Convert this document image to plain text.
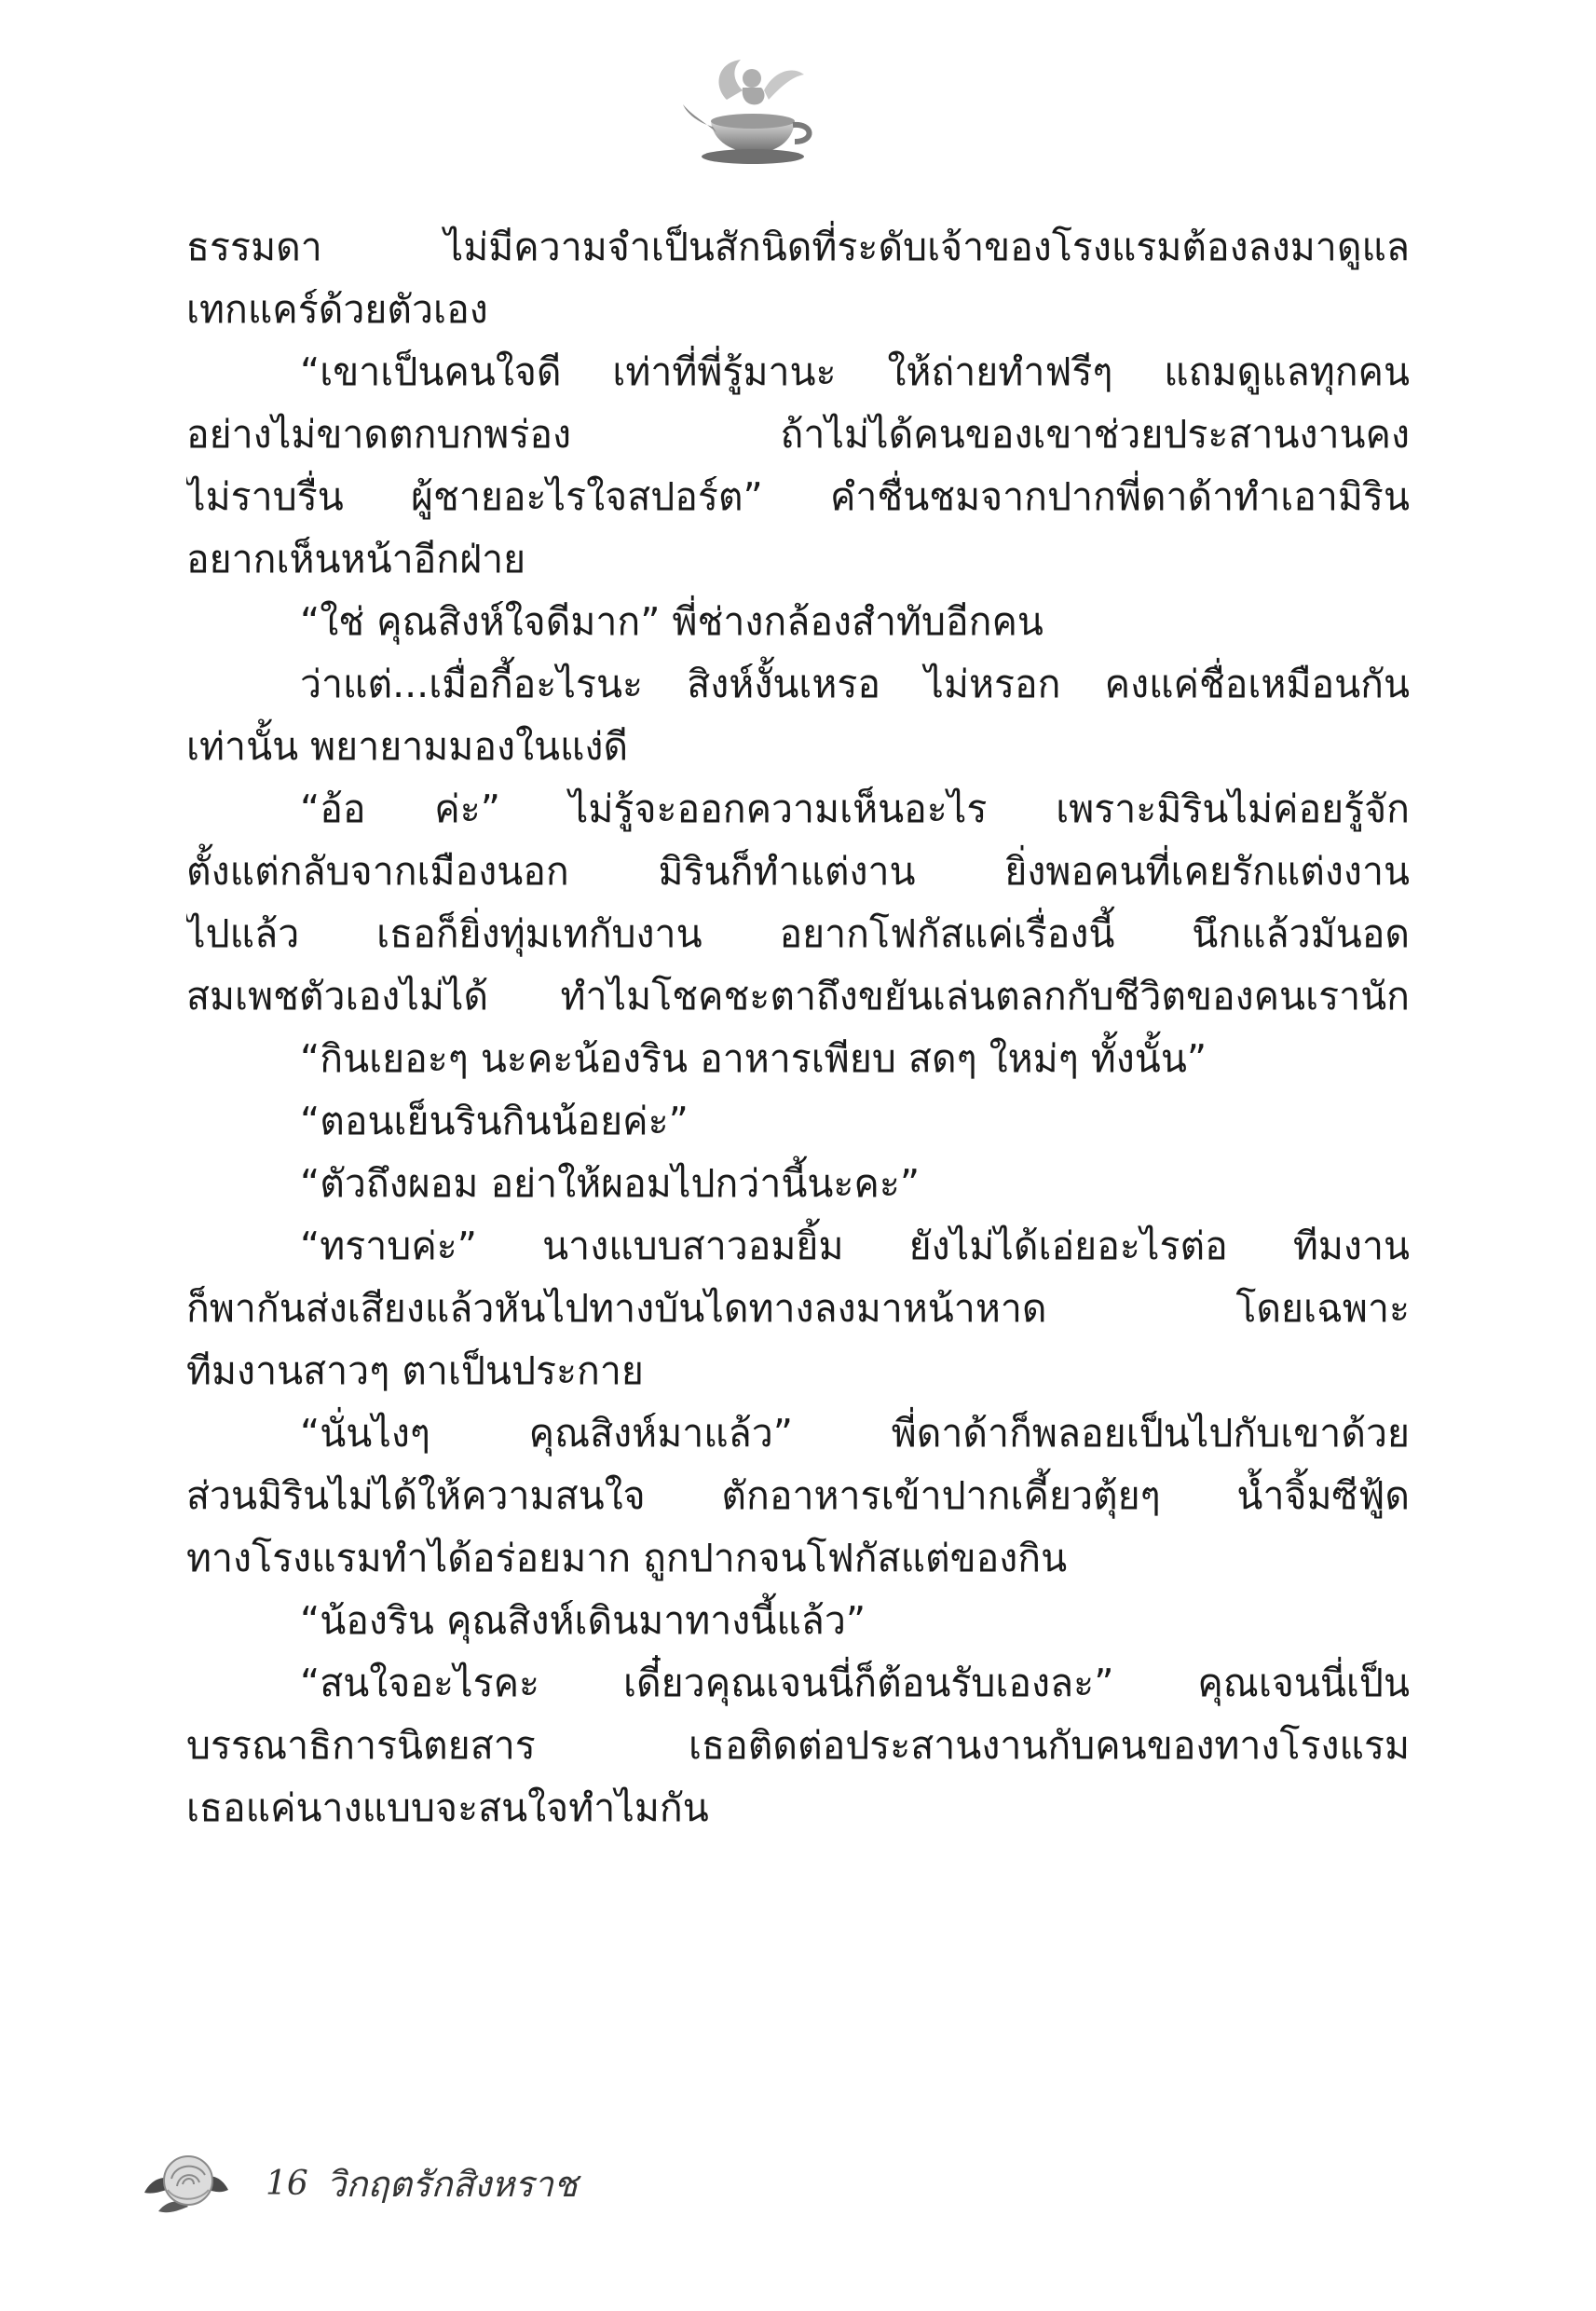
ธรรมดา ไม่มีความจำเป็นสักนิดที่ระดับเจ้าของโรงแรมต้องลงมาดูแล
เทกแคร์ด้วยตัวเอง
“เขาเป็นคนใจดี เท่าที่พี่รู้มานะ ให้ถ่ายทำฟรีๆ แถมดูแลทุกคน
อย่างไม่ขาดตกบกพร่อง ถ้าไม่ได้คนของเขาช่วยประสานงานคง
ไม่ราบรื่น ผู้ชายอะไรใจสปอร์ต” คำชื่นชมจากปากพี่ดาด้าทำเอามิริน
อยากเห็นหน้าอีกฝ่าย
“ใช่ คุณสิงห์ใจดีมาก” พี่ช่างกล้องสำทับอีกคน
ว่าแต่...เมื่อกี้อะไรนะ สิงห์งั้นเหรอ ไม่หรอก คงแค่ชื่อเหมือนกัน
เท่านั้น พยายามมองในแง่ดี
“อ้อ ค่ะ” ไม่รู้จะออกความเห็นอะไร เพราะมิรินไม่ค่อยรู้จัก
ตั้งแต่กลับจากเมืองนอก มิรินก็ทำแต่งาน ยิ่งพอคนที่เคยรักแต่งงาน
ไปแล้ว เธอก็ยิ่งทุ่มเทกับงาน อยากโฟกัสแค่เรื่องนี้ นึกแล้วมันอด
สมเพชตัวเองไม่ได้ ทำไมโชคชะตาถึงขยันเล่นตลกกับชีวิตของคนเรานัก
“กินเยอะๆ นะคะน้องริน อาหารเพียบ สดๆ ใหม่ๆ ทั้งนั้น”
“ตอนเย็นรินกินน้อยค่ะ”
“ตัวถึงผอม อย่าให้ผอมไปกว่านี้นะคะ”
“ทราบค่ะ” นางแบบสาวอมยิ้ม ยังไม่ได้เอ่ยอะไรต่อ ทีมงาน
ก็พากันส่งเสียงแล้วหันไปทางบันไดทางลงมาหน้าหาด โดยเฉพาะ
ทีมงานสาวๆ ตาเป็นประกาย
“นั่นไงๆ คุณสิงห์มาแล้ว” พี่ดาด้าก็พลอยเป็นไปกับเขาด้วย
ส่วนมิรินไม่ได้ให้ความสนใจ ตักอาหารเข้าปากเคี้ยวตุ้ยๆ น้ำจิ้มซีฟู้ด
ทางโรงแรมทำได้อร่อยมาก ถูกปากจนโฟกัสแต่ของกิน
“น้องริน คุณสิงห์เดินมาทางนี้แล้ว”
“สนใจอะไรคะ เดี๋ยวคุณเจนนี่ก็ต้อนรับเองละ” คุณเจนนี่เป็น
บรรณาธิการนิตยสาร เธอติดต่อประสานงานกับคนของทางโรงแรม
เธอแค่นางแบบจะสนใจทำไมกัน
16 วิกฤตรักสิงหราช
